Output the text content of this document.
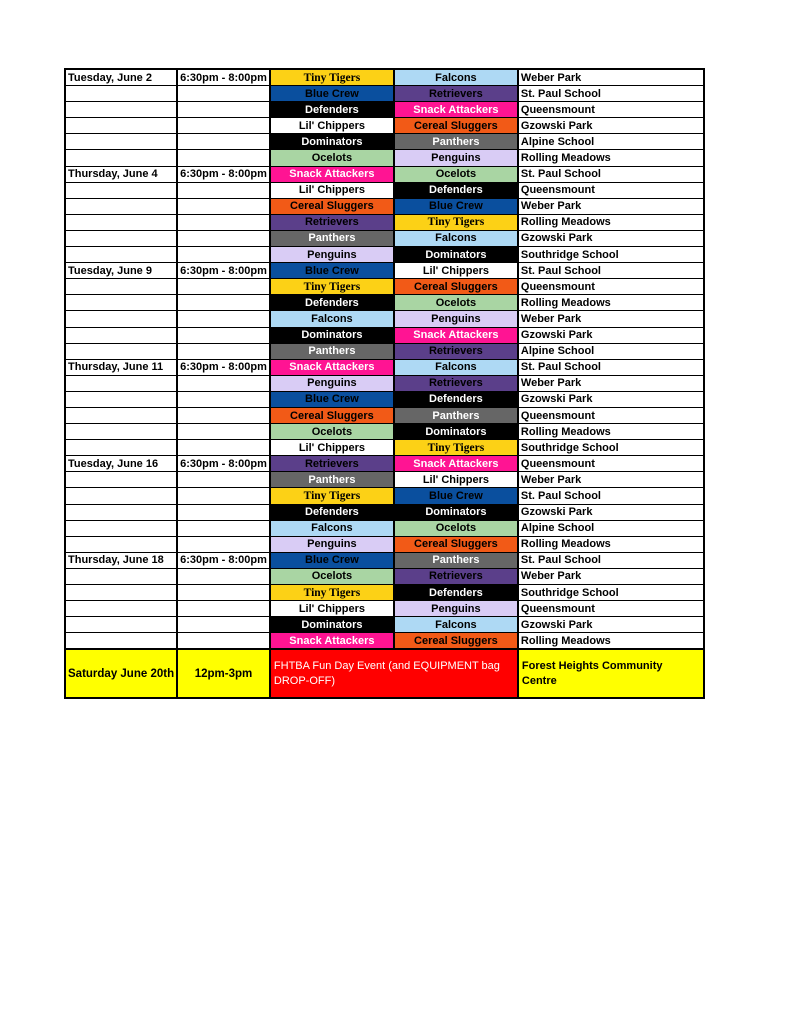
Tuesday, June 2	6:30pm - 8:00pm	Tiny Tigers	Falcons	Weber Park
		Blue Crew	Retrievers	St. Paul School
		Defenders	Snack Attackers	Queensmount
		Lil' Chippers	Cereal Sluggers	Gzowski Park
		Dominators	Panthers	Alpine School
		Ocelots	Penguins	Rolling Meadows
Thursday, June 4	6:30pm - 8:00pm	Snack Attackers	Ocelots	St. Paul School
		Lil' Chippers	Defenders	Queensmount
		Cereal Sluggers	Blue Crew	Weber Park
		Retrievers	Tiny Tigers	Rolling Meadows
		Panthers	Falcons	Gzowski Park
		Penguins	Dominators	Southridge School
Tuesday, June 9	6:30pm - 8:00pm	Blue Crew	Lil' Chippers	St. Paul School
		Tiny Tigers	Cereal Sluggers	Queensmount
		Defenders	Ocelots	Rolling Meadows
		Falcons	Penguins	Weber Park
		Dominators	Snack Attackers	Gzowski Park
		Panthers	Retrievers	Alpine School
Thursday, June 11	6:30pm - 8:00pm	Snack Attackers	Falcons	St. Paul School
		Penguins	Retrievers	Weber Park
		Blue Crew	Defenders	Gzowski Park
		Cereal Sluggers	Panthers	Queensmount
		Ocelots	Dominators	Rolling Meadows
		Lil' Chippers	Tiny Tigers	Southridge School
Tuesday, June 16	6:30pm - 8:00pm	Retrievers	Snack Attackers	Queensmount
		Panthers	Lil' Chippers	Weber Park
		Tiny Tigers	Blue Crew	St. Paul School
		Defenders	Dominators	Gzowski Park
		Falcons	Ocelots	Alpine School
		Penguins	Cereal Sluggers	Rolling Meadows
Thursday, June 18	6:30pm - 8:00pm	Blue Crew	Panthers	St. Paul School
		Ocelots	Retrievers	Weber Park
		Tiny Tigers	Defenders	Southridge School
		Lil' Chippers	Penguins	Queensmount
		Dominators	Falcons	Gzowski Park
		Snack Attackers	Cereal Sluggers	Rolling Meadows
Saturday June 20th	12pm-3pm	FHTBA Fun Day Event (and EQUIPMENT bag DROP-OFF)		Forest Heights Community Centre
